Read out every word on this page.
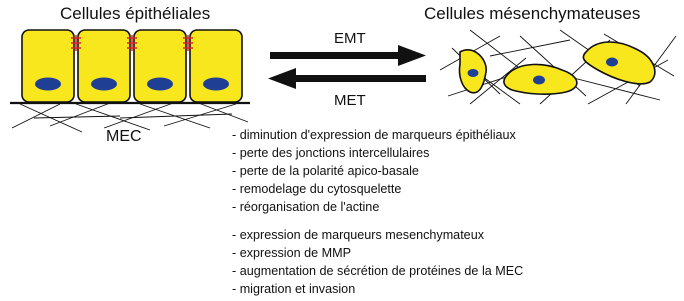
Cellules épithéliales	Cellules mésenchymateuses
EMT
MET
MEC	- diminution d'expression de marqueurs épithéliaux
- perte des jonctions intercellulaires
- perte de la polarité apico-basale
- remodelage du cytosquelette
- réorganisation de l'actine
- expression de marqueurs mesenchymateux
- expression de MMP
- augmentation de sécrétion de protéines de la MEC
- migration et invasion
